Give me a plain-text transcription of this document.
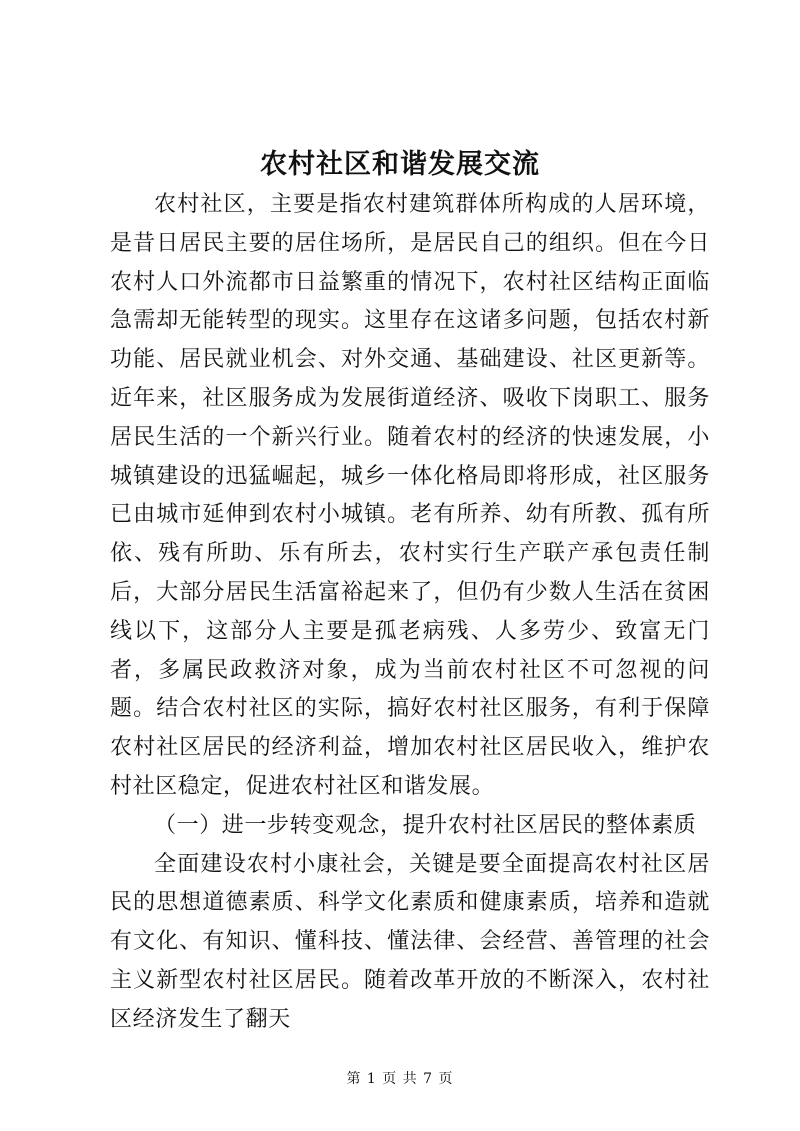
农村社区和谐发展交流

农村社区，主要是指农村建筑群体所构成的人居环境，是昔日居民主要的居住场所，是居民自己的组织。但在今日农村人口外流都市日益繁重的情况下，农村社区结构正面临急需却无能转型的现实。这里存在这诸多问题，包括农村新功能、居民就业机会、对外交通、基础建设、社区更新等。近年来，社区服务成为发展街道经济、吸收下岗职工、服务居民生活的一个新兴行业。随着农村的经济的快速发展，小城镇建设的迅猛崛起，城乡一体化格局即将形成，社区服务已由城市延伸到农村小城镇。老有所养、幼有所教、孤有所依、残有所助、乐有所去，农村实行生产联产承包责任制后，大部分居民生活富裕起来了，但仍有少数人生活在贫困线以下，这部分人主要是孤老病残、人多劳少、致富无门者，多属民政救济对象，成为当前农村社区不可忽视的问题。结合农村社区的实际，搞好农村社区服务，有利于保障农村社区居民的经济利益，增加农村社区居民收入，维护农村社区稳定，促进农村社区和谐发展。

（一）进一步转变观念，提升农村社区居民的整体素质

全面建设农村小康社会，关键是要全面提高农村社区居民的思想道德素质、科学文化素质和健康素质，培养和造就有文化、有知识、懂科技、懂法律、会经营、善管理的社会主义新型农村社区居民。随着改革开放的不断深入，农村社区经济发生了翻天

第 1 页 共 7 页
